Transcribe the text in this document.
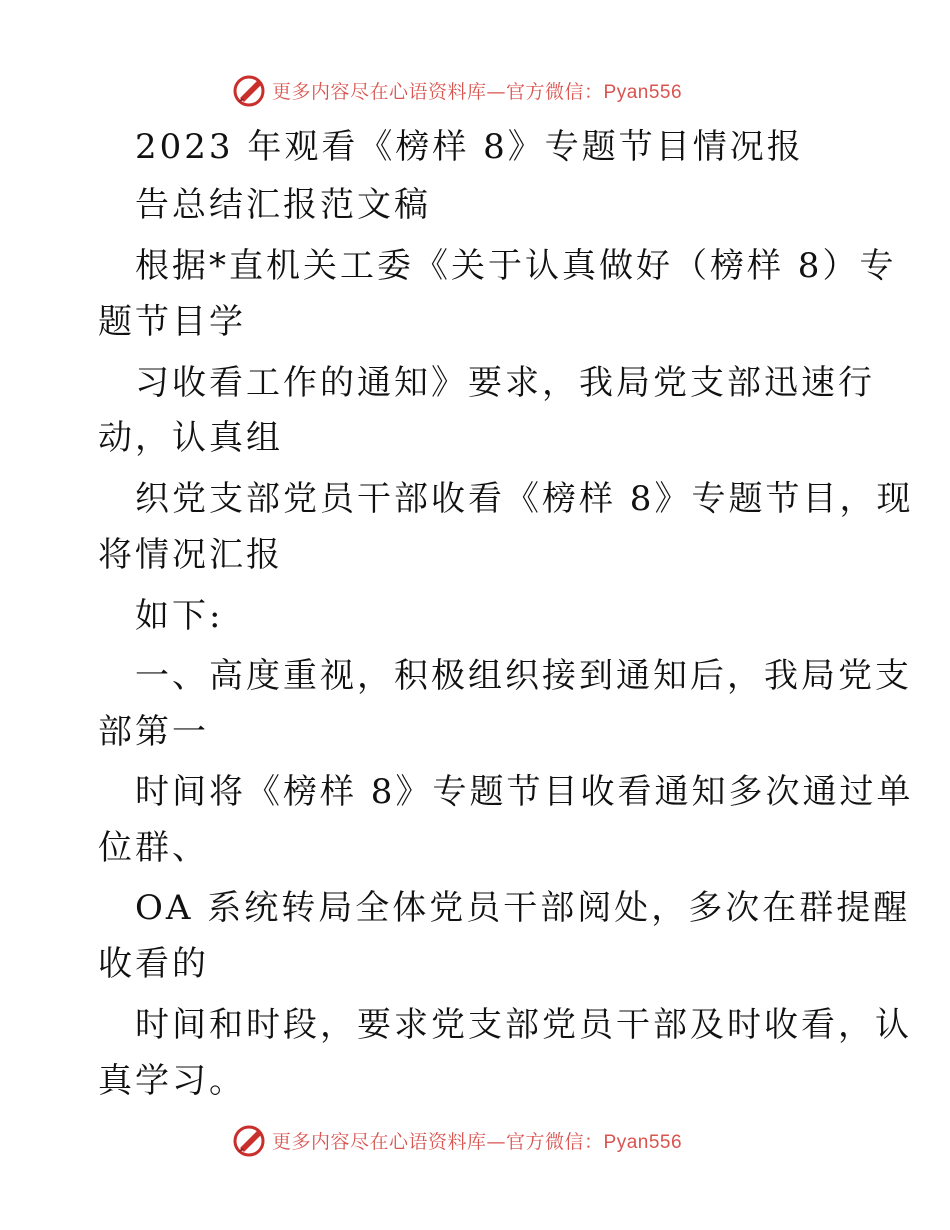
更多内容尽在心语资料库—官方微信：Pyan556
2023 年观看《榜样 8》专题节目情况报
告总结汇报范文稿
根据*直机关工委《关于认真做好（榜样 8）专
题节目学
习收看工作的通知》要求，我局党支部迅速行
动，认真组
织党支部党员干部收看《榜样 8》专题节目，现
将情况汇报
如下:
一、高度重视，积极组织接到通知后，我局党支
部第一
时间将《榜样 8》专题节目收看通知多次通过单
位群、
OA 系统转局全体党员干部阅处，多次在群提醒
收看的
时间和时段，要求党支部党员干部及时收看，认
真学习。
更多内容尽在心语资料库—官方微信：Pyan556
